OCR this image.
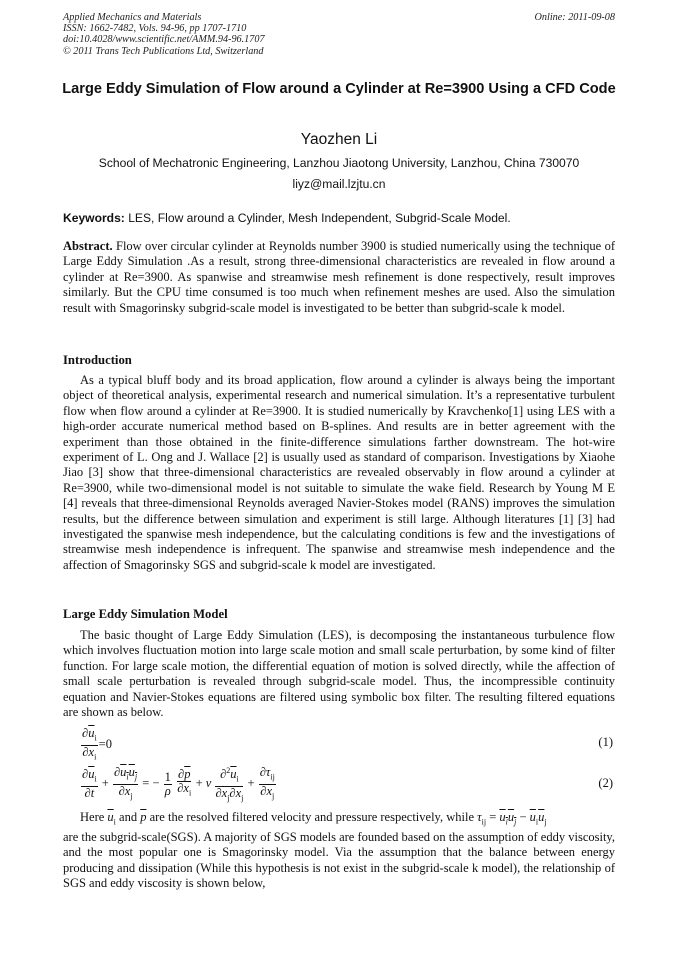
Applied Mechanics and Materials
ISSN: 1662-7482, Vols. 94-96, pp 1707-1710
doi:10.4028/www.scientific.net/AMM.94-96.1707
© 2011 Trans Tech Publications Ltd, Switzerland
Online: 2011-09-08
Large Eddy Simulation of Flow around a Cylinder at Re=3900 Using a CFD Code
Yaozhen Li
School of Mechatronic Engineering, Lanzhou Jiaotong University, Lanzhou, China 730070
liyz@mail.lzjtu.cn
Keywords: LES, Flow around a Cylinder, Mesh Independent, Subgrid-Scale Model.

Abstract. Flow over circular cylinder at Reynolds number 3900 is studied numerically using the technique of Large Eddy Simulation .As a result, strong three-dimensional characteristics are revealed in flow around a cylinder at Re=3900. As spanwise and streamwise mesh refinement is done respectively, result improves similarly. But the CPU time consumed is too much when refinement meshes are used. Also the simulation result with Smagorinsky subgrid-scale model is investigated to be better than subgrid-scale k model.

Introduction

As a typical bluff body and its broad application, flow around a cylinder is always being the important object of theoretical analysis, experimental research and numerical simulation. It’s a representative turbulent flow when flow around a cylinder at Re=3900. It is studied numerically by Kravchenko[1] using LES with a high-order accurate numerical method based on B-splines. And results are in better agreement with the experiment than those obtained in the finite-difference simulations farther downstream. The hot-wire experiment of L. Ong and J. Wallace [2] is usually used as standard of comparison. Investigations by Xiaohe Jiao [3] show that three-dimensional characteristics are revealed observably in flow around a cylinder at Re=3900, while two-dimensional model is not suitable to simulate the wake field. Research by Young M E [4] reveals that three-dimensional Reynolds averaged Navier-Stokes model (RANS) improves the simulation results, but the difference between simulation and experiment is still large. Although literatures [1] [3] had investigated the spanwise mesh independence, but the calculating conditions is few and the investigations of streamwise mesh independence is infrequent. The spanwise and streamwise mesh independence and the affection of Smagorinsky SGS and subgrid-scale k model are investigated.

Large Eddy Simulation Model

The basic thought of Large Eddy Simulation (LES), is decomposing the instantaneous turbulence flow which involves fluctuation motion into large scale motion and small scale perturbation, by some kind of filter function. For large scale motion, the differential equation of motion is solved directly, while the affection of small scale perturbation is revealed through subgrid-scale model. Thus, the incompressible continuity equation and Navier-Stokes equations are filtered using symbolic box filter. The resulting filtered equations are shown as below.

$\frac{\partial\overline{u}_i}{\partial x_i} =0$	(1)
$\frac{\partial\overline{u}_i}{\partial t} + \frac{\partial u_iu_j}{\partial x_j}$ = − $\frac{1}{\rho}$
$\frac{\partial\overline{p}}{\partial x_i} + \nu \frac{\partial^2\overline{u}_i}{\partial x_j\partial x_j} + \frac{\partial\tau_{ij}}{\partial x_j}$	(2)

Here $\overline{u}_i$ and $\overline{p}$ are the resolved filtered velocity and pressure respectively, while $\tau_{ij} = u_iu_j - \overline{u}_i\overline{u}_j$

are the subgrid-scale(SGS). A majority of SGS models are founded based on the assumption of eddy viscosity, and the most popular one is Smagorinsky model. Via the assumption that the balance between energy producing and dissipation (While this hypothesis is not exist in the subgrid-scale k model), the relationship of SGS and eddy viscosity is shown below,
